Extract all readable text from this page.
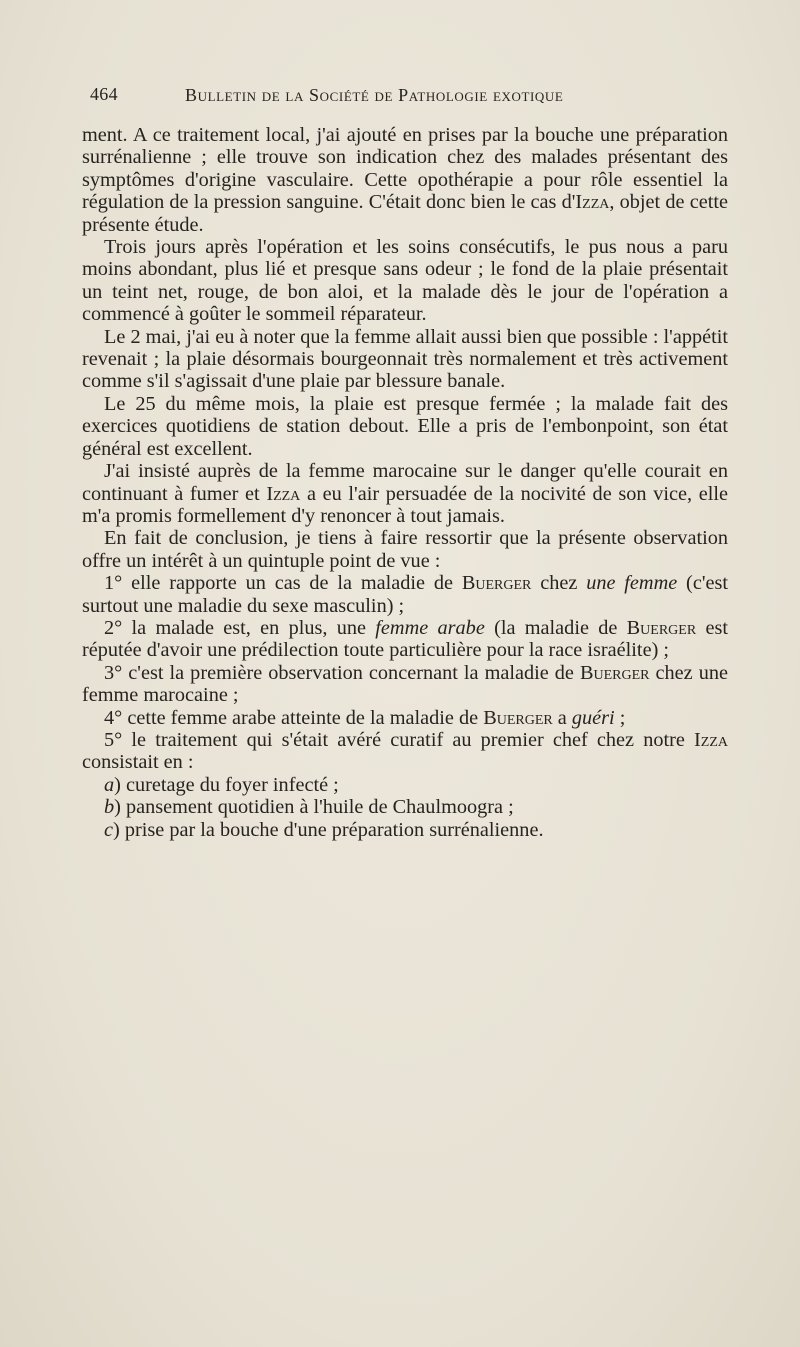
464	Bulletin de la Société de Pathologie exotique

ment. A ce traitement local, j'ai ajouté en prises par la bouche une préparation surrénalienne ; elle trouve son indication chez des malades présentant des symptômes d'origine vasculaire. Cette opothérapie a pour rôle essentiel la régulation de la pression sanguine. C'était donc bien le cas d'Izza, objet de cette présente étude.

Trois jours après l'opération et les soins consécutifs, le pus nous a paru moins abondant, plus lié et presque sans odeur ; le fond de la plaie présentait un teint net, rouge, de bon aloi, et la malade dès le jour de l'opération a commencé à goûter le sommeil réparateur.

Le 2 mai, j'ai eu à noter que la femme allait aussi bien que possible : l'appétit revenait ; la plaie désormais bourgeonnait très normalement et très activement comme s'il s'agissait d'une plaie par blessure banale.

Le 25 du même mois, la plaie est presque fermée ; la malade fait des exercices quotidiens de station debout. Elle a pris de l'embonpoint, son état général est excellent.

J'ai insisté auprès de la femme marocaine sur le danger qu'elle courait en continuant à fumer et Izza a eu l'air persuadée de la nocivité de son vice, elle m'a promis formellement d'y renoncer à tout jamais.

En fait de conclusion, je tiens à faire ressortir que la présente observation offre un intérêt à un quintuple point de vue :

1° elle rapporte un cas de la maladie de Buerger chez une femme (c'est surtout une maladie du sexe masculin) ;

2° la malade est, en plus, une femme arabe (la maladie de Buerger est réputée d'avoir une prédilection toute particulière pour la race israélite) ;

3° c'est la première observation concernant la maladie de Buerger chez une femme marocaine ;

4° cette femme arabe atteinte de la maladie de Buerger a guéri ;

5° le traitement qui s'était avéré curatif au premier chef chez notre Izza consistait en :

a) curetage du foyer infecté ;

b) pansement quotidien à l'huile de Chaulmoogra ;

c) prise par la bouche d'une préparation surrénalienne.
